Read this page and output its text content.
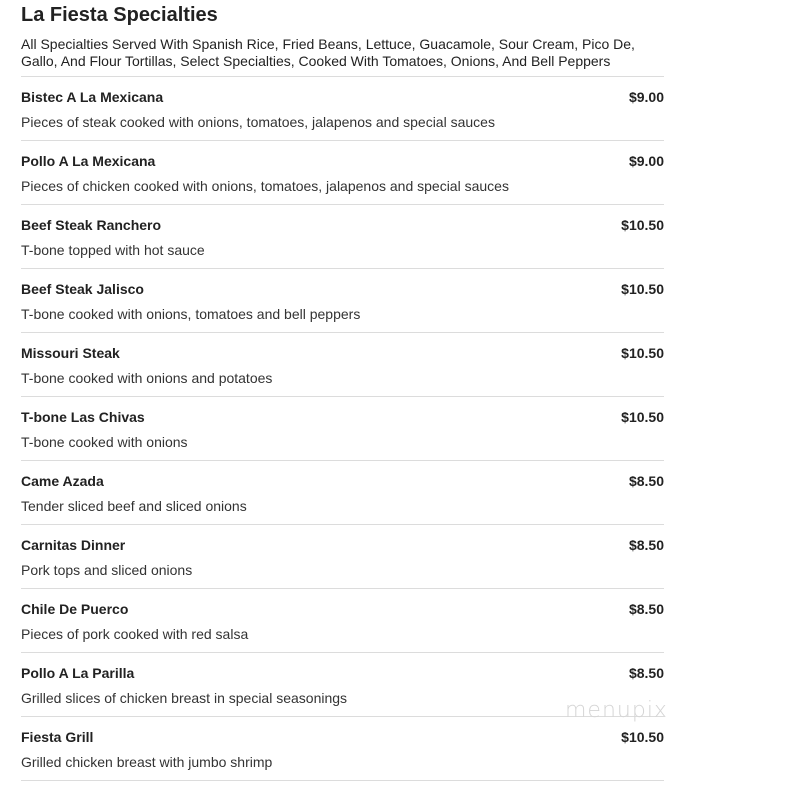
La Fiesta Specialties
All Specialties Served With Spanish Rice, Fried Beans, Lettuce, Guacamole, Sour Cream, Pico De, Gallo, And Flour Tortillas, Select Specialties, Cooked With Tomatoes, Onions, And Bell Peppers
Bistec A La Mexicana	$9.00
Pieces of steak cooked with onions, tomatoes, jalapenos and special sauces
Pollo A La Mexicana	$9.00
Pieces of chicken cooked with onions, tomatoes, jalapenos and special sauces
Beef Steak Ranchero	$10.50
T-bone topped with hot sauce
Beef Steak Jalisco	$10.50
T-bone cooked with onions, tomatoes and bell peppers
Missouri Steak	$10.50
T-bone cooked with onions and potatoes
T-bone Las Chivas	$10.50
T-bone cooked with onions
Came Azada	$8.50
Tender sliced beef and sliced onions
Carnitas Dinner	$8.50
Pork tops and sliced onions
Chile De Puerco	$8.50
Pieces of pork cooked with red salsa
Pollo A La Parilla	$8.50
Grilled slices of chicken breast in special seasonings
Fiesta Grill	$10.50
Grilled chicken breast with jumbo shrimp
menupix
